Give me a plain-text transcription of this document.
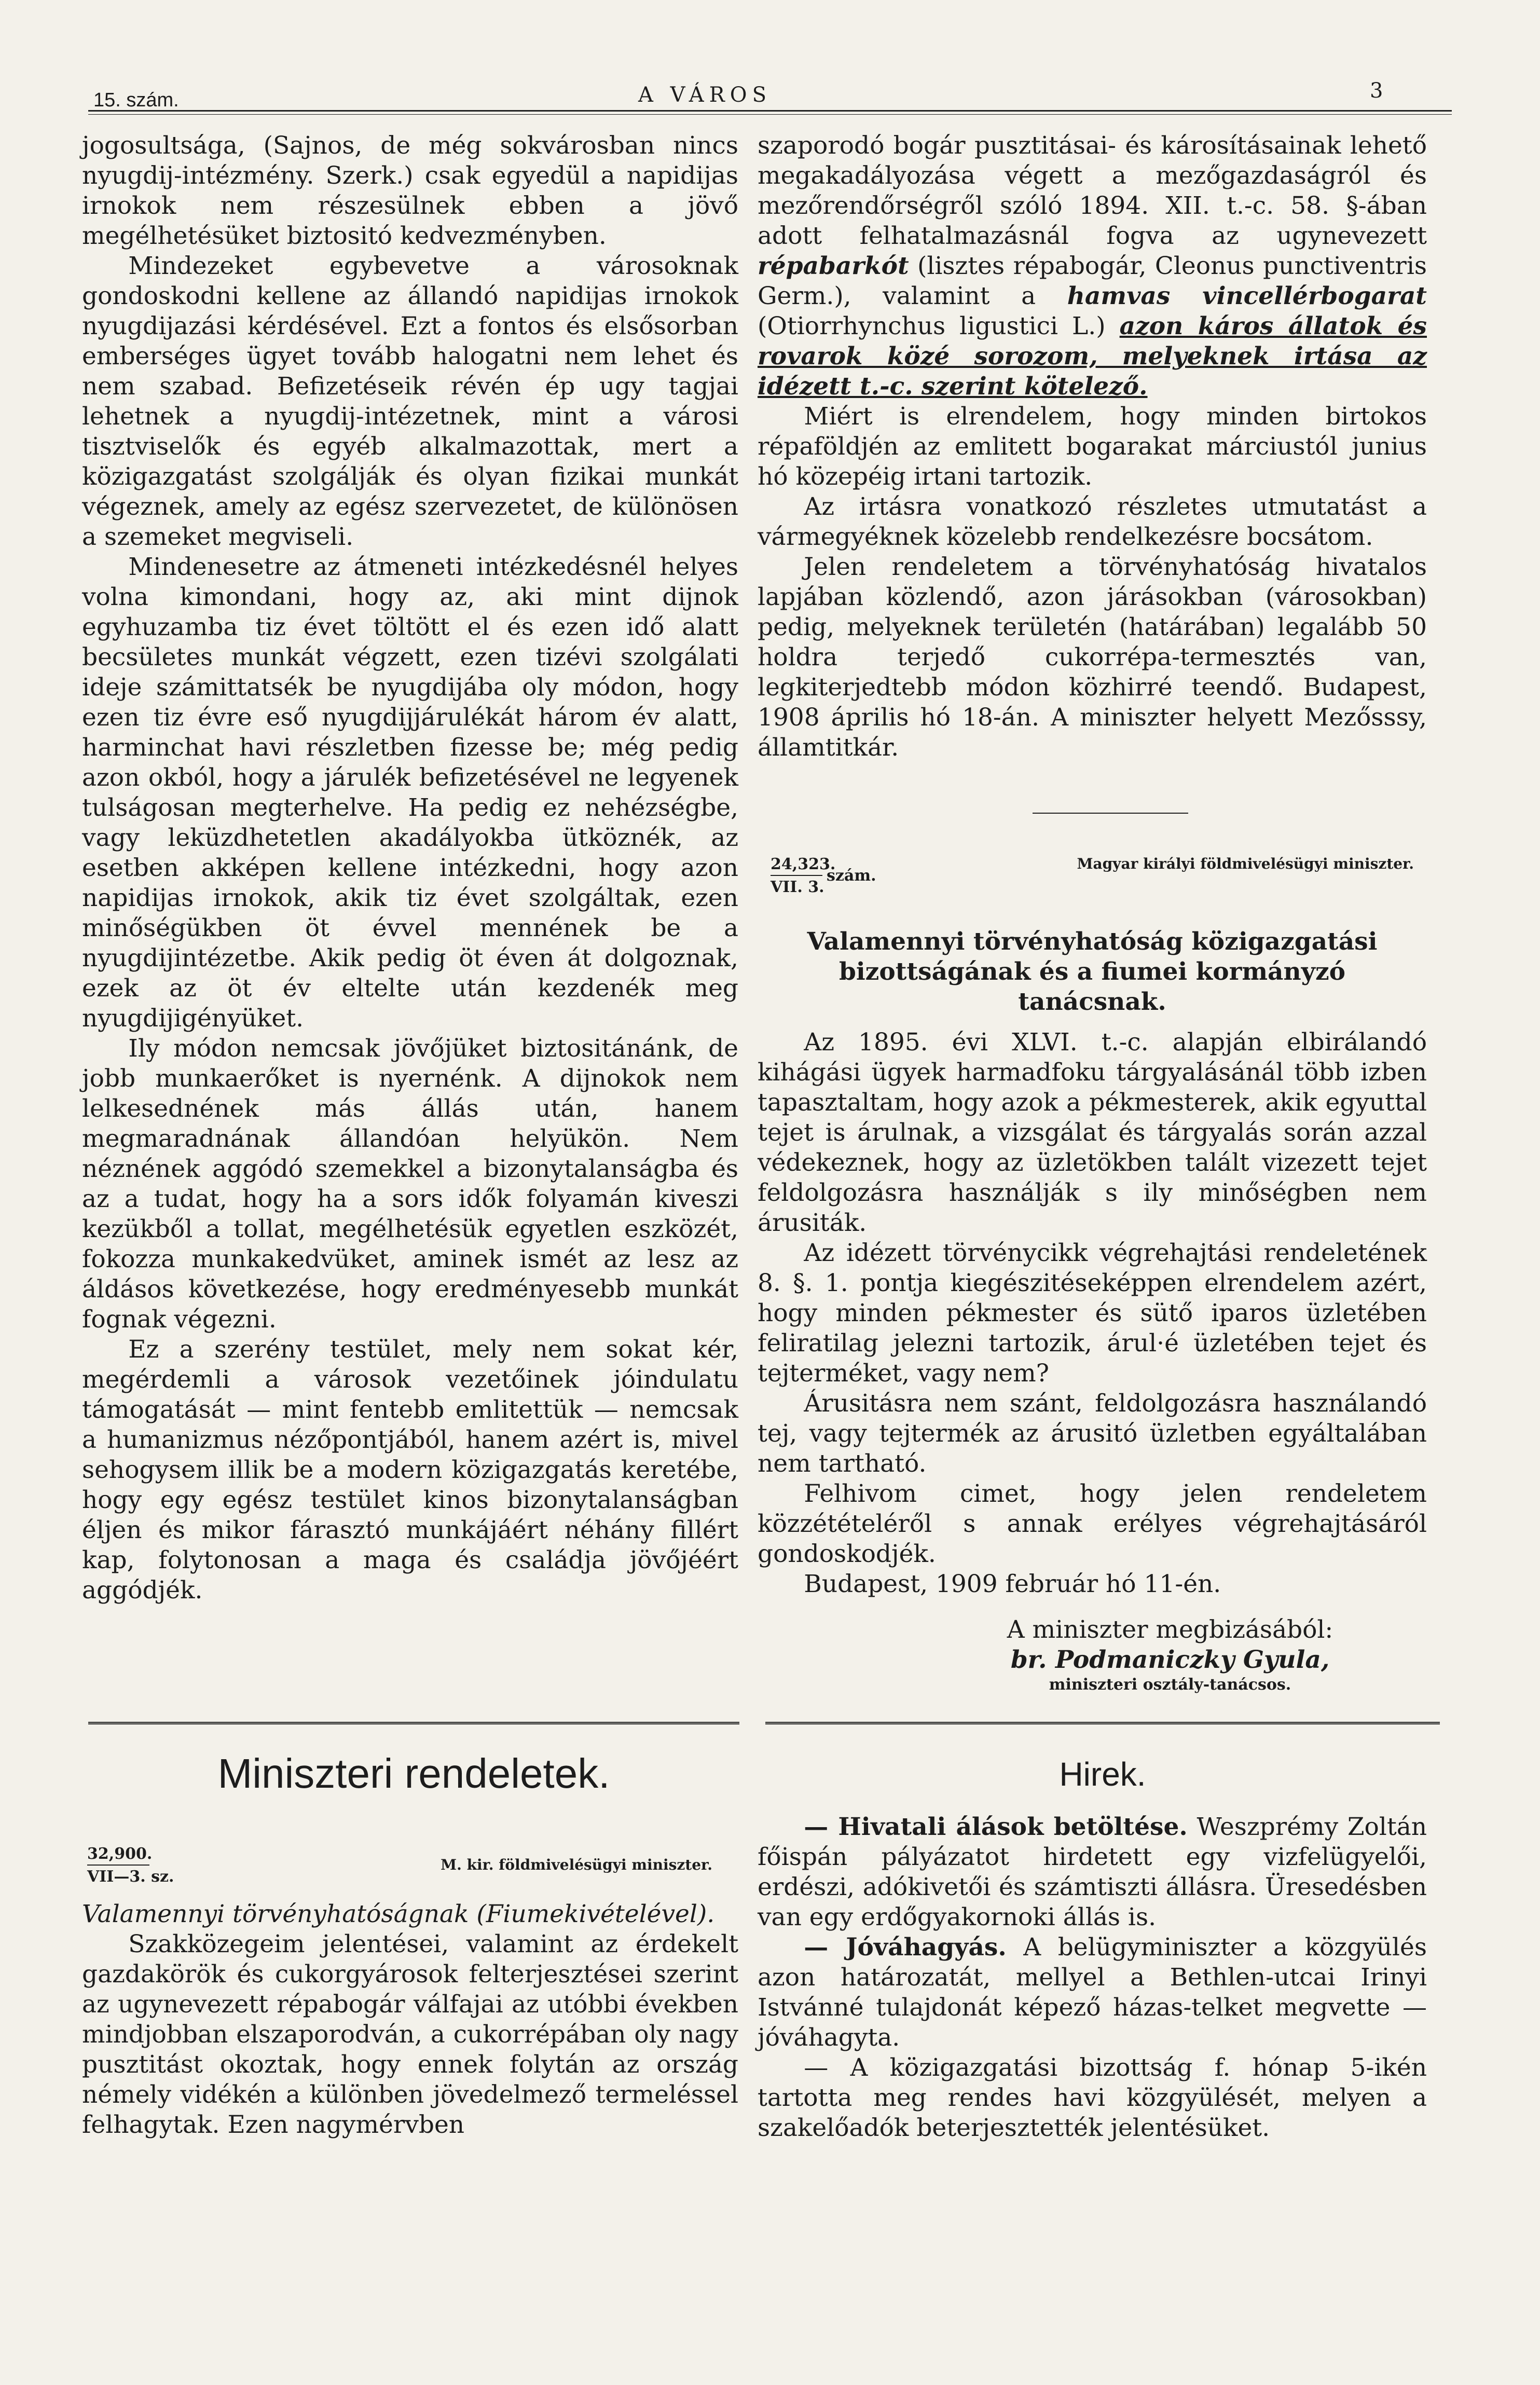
15. szám.	A VÁROS	3

jogosultsága, (Sajnos, de még sokvárosban nincs nyugdij-intézmény. Szerk.) csak egyedül a napidijas irnokok nem részesülnek ebben a jövő megélhetésüket biztositó kedvezményben.

Mindezeket egybevetve a városoknak gondoskodni kellene az állandó napidijas irnokok nyugdijazási kérdésével. Ezt a fontos és elsősorban emberséges ügyet tovább halogatni nem lehet és nem szabad. Befizetéseik révén ép ugy tagjai lehetnek a nyugdij-intézetnek, mint a városi tisztviselők és egyéb alkalmazottak, mert a közigazgatást szolgálják és olyan fizikai munkát végeznek, amely az egész szervezetet, de különösen a szemeket megviseli.

Mindenesetre az átmeneti intézkedésnél helyes volna kimondani, hogy az, aki mint dijnok egyhuzamba tiz évet töltött el és ezen idő alatt becsületes munkát végzett, ezen tizévi szolgálati ideje számittatsék be nyugdijába oly módon, hogy ezen tiz évre eső nyugdijjárulékát három év alatt, harminchat havi részletben fizesse be; még pedig azon okból, hogy a járulék befizetésével ne legyenek tulságosan megterhelve. Ha pedig ez nehézségbe, vagy leküzdhetetlen akadályokba ütköznék, az esetben akképen kellene intézkedni, hogy azon napidijas irnokok, akik tiz évet szolgáltak, ezen minőségükben öt évvel mennének be a nyugdijintézetbe. Akik pedig öt éven át dolgoznak, ezek az öt év eltelte után kezdenék meg nyugdijigényüket.

Ily módon nemcsak jövőjüket biztositánánk, de jobb munkaerőket is nyernénk. A dijnokok nem lelkesednének más állás után, hanem megmaradnának állandóan helyükön. Nem néznének aggódó szemekkel a bizonytalanságba és az a tudat, hogy ha a sors idők folyamán kiveszi kezükből a tollat, megélhetésük egyetlen eszközét, fokozza munkakedvüket, aminek ismét az lesz az áldásos következése, hogy eredményesebb munkát fognak végezni.

Ez a szerény testület, mely nem sokat kér, megérdemli a városok vezetőinek jóindulatu támogatását — mint fentebb emlitettük — nemcsak a humanizmus nézőpontjából, hanem azért is, mivel sehogysem illik be a modern közigazgatás keretébe, hogy egy egész testület kinos bizonytalanságban éljen és mikor fárasztó munkájáért néhány fillért kap, folytonosan a maga és családja jövőjéért aggódjék.

Miniszteri rendeletek.
32,900.
VII—3. sz.
M. kir. földmivelésügyi miniszter.

Valamennyi törvényhatóságnak (Fiumekivételével).

Szakközegeim jelentései, valamint az érdekelt gazdakörök és cukorgyárosok felterjesztései szerint az ugynevezett répabogár válfajai az utóbbi években mindjobban elszaporodván, a cukorrépában oly nagy pusztitást okoztak, hogy ennek folytán az ország némely vidékén a különben jövedelmező termeléssel felhagytak. Ezen nagymérvben

szaporodó bogár pusztitásai- és károsításainak lehető megakadályozása végett a mezőgazdaságról és mezőrendőrségről szóló 1894. XII. t.-c. 58. §-ában adott felhatalmazásnál fogva az ugynevezett répabarkót (lisztes répabogár, Cleonus punctiventris Germ.), valamint a hamvas vincellérbogarat (Otiorrhynchus ligustici L.) azon káros állatok és rovarok közé sorozom, melyeknek irtása az idézett t.-c. szerint kötelező.

Miért is elrendelem, hogy minden birtokos répaföldjén az emlitett bogarakat márciustól junius hó közepéig irtani tartozik.

Az irtásra vonatkozó részletes utmutatást a vármegyéknek közelebb rendelkezésre bocsátom.

Jelen rendeletem a törvényhatóság hivatalos lapjában közlendő, azon járásokban (városokban) pedig, melyeknek területén (határában) legalább 50 holdra terjedő cukorrépa-termesztés van, legkiterjedtebb módon közhirré teendő. Budapest, 1908 április hó 18-án. A miniszter helyett Mezősssy, államtitkár.

24,323.
VII. 3.
szám.
Magyar királyi földmivelésügyi miniszter.

Valamennyi törvényhatóság közigazgatási bizottságának és a fiumei kormányzó tanácsnak.

Az 1895. évi XLVI. t.-c. alapján elbirálandó kihágási ügyek harmadfoku tárgyalásánál több izben tapasztaltam, hogy azok a pékmesterek, akik egyuttal tejet is árulnak, a vizsgálat és tárgyalás során azzal védekeznek, hogy az üzletökben talált vizezett tejet feldolgozásra használják s ily minőségben nem árusiták.

Az idézett törvénycikk végrehajtási rendeletének 8. §. 1. pontja kiegészitéseképpen elrendelem azért, hogy minden pékmester és sütő iparos üzletében feliratilag jelezni tartozik, árul·é üzletében tejet és tejterméket, vagy nem?

Árusitásra nem szánt, feldolgozásra használandó tej, vagy tejtermék az árusitó üzletben egyáltalában nem tartható.

Felhivom cimet, hogy jelen rendeletem közzétételéről s annak erélyes végrehajtásáról gondoskodjék.

Budapest, 1909 február hó 11-én.

A miniszter megbizásából:

br. Podmaniczky Gyula,

miniszteri osztály-tanácsos.

Hirek.

— Hivatali álások betöltése. Weszprémy Zoltán főispán pályázatot hirdetett egy vizfelügyelői, erdészi, adókivetői és számtiszti állásra. Üresedésben van egy erdőgyakornoki állás is.

— Jóváhagyás. A belügyminiszter a közgyülés azon határozatát, mellyel a Bethlen-utcai Irinyi Istvánné tulajdonát képező házas-telket megvette — jóváhagyta.

— A közigazgatási bizottság f. hónap 5-ikén tartotta meg rendes havi közgyülését, melyen a szakelőadók beterjesztették jelentésüket.
